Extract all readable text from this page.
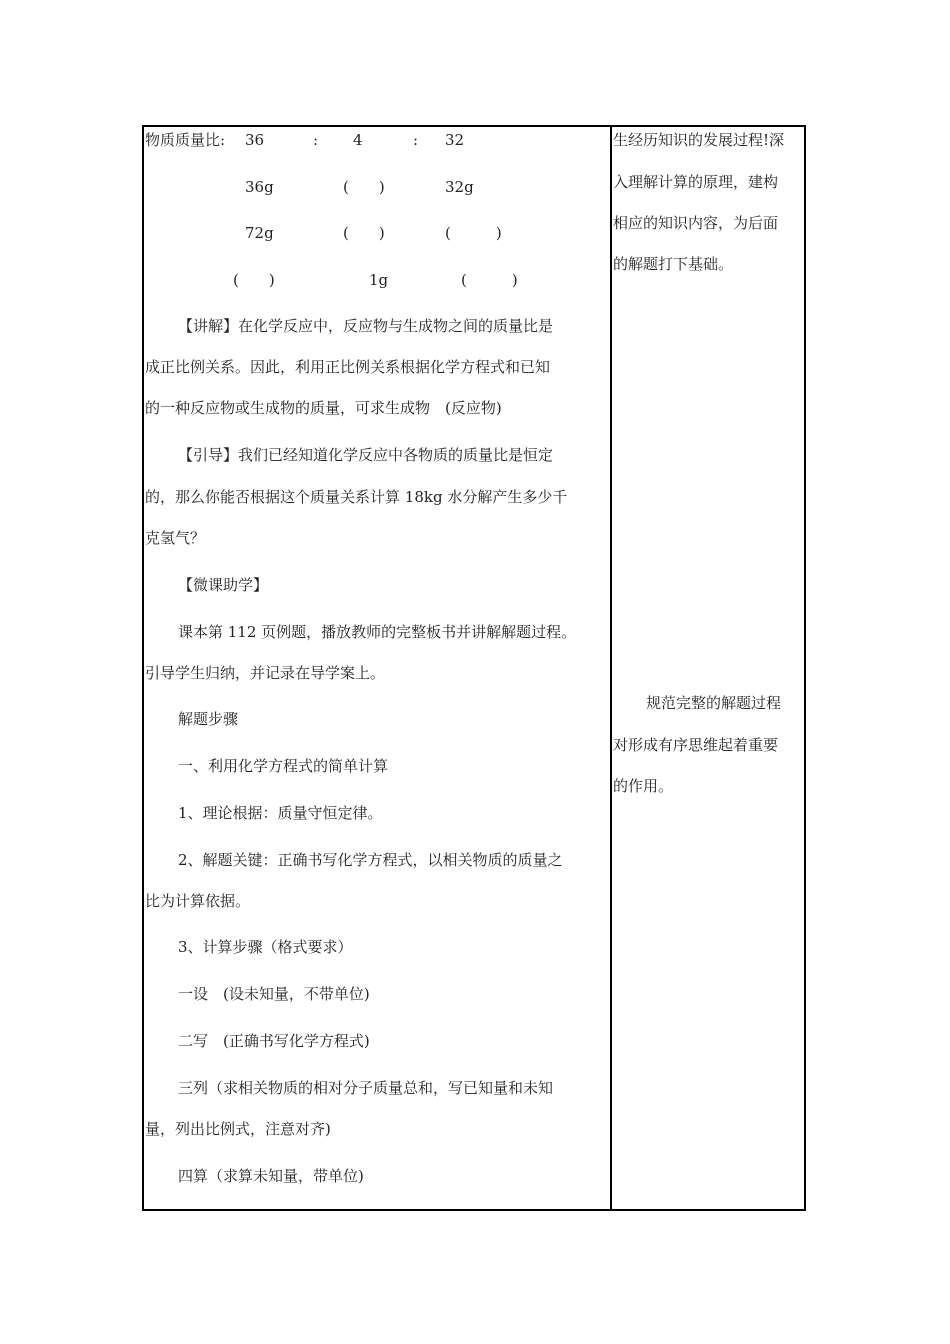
物质质量比: 36	: 4	: 32
36g	(　　)	32g
72g	(　　)	(　　　)
(　　)	1g	(　　　)
【讲解】在化学反应中，反应物与生成物之间的质量比是
成正比例关系。因此，利用正比例关系根据化学方程式和已知
的一种反应物或生成物的质量，可求生成物　(反应物)
【引导】我们已经知道化学反应中各物质的质量比是恒定
的，那么你能否根据这个质量关系计算 18kg 水分解产生多少千
克氢气？
【微课助学】
课本第 112 页例题，播放教师的完整板书并讲解解题过程。
引导学生归纳，并记录在导学案上。
解题步骤
一、利用化学方程式的简单计算
1、理论根据：质量守恒定律。
2、解题关键：正确书写化学方程式，以相关物质的质量之
比为计算依据。
3、计算步骤（格式要求）
一设　(设未知量，不带单位)
二写　(正确书写化学方程式)
三列（求相关物质的相对分子质量总和，写已知量和未知
量，列出比例式，注意对齐)
四算（求算未知量，带单位)
生经历知识的发展过程!深
入理解计算的原理，建构
相应的知识内容，为后面
的解题打下基础。
规范完整的解题过程
对形成有序思维起着重要
的作用。
